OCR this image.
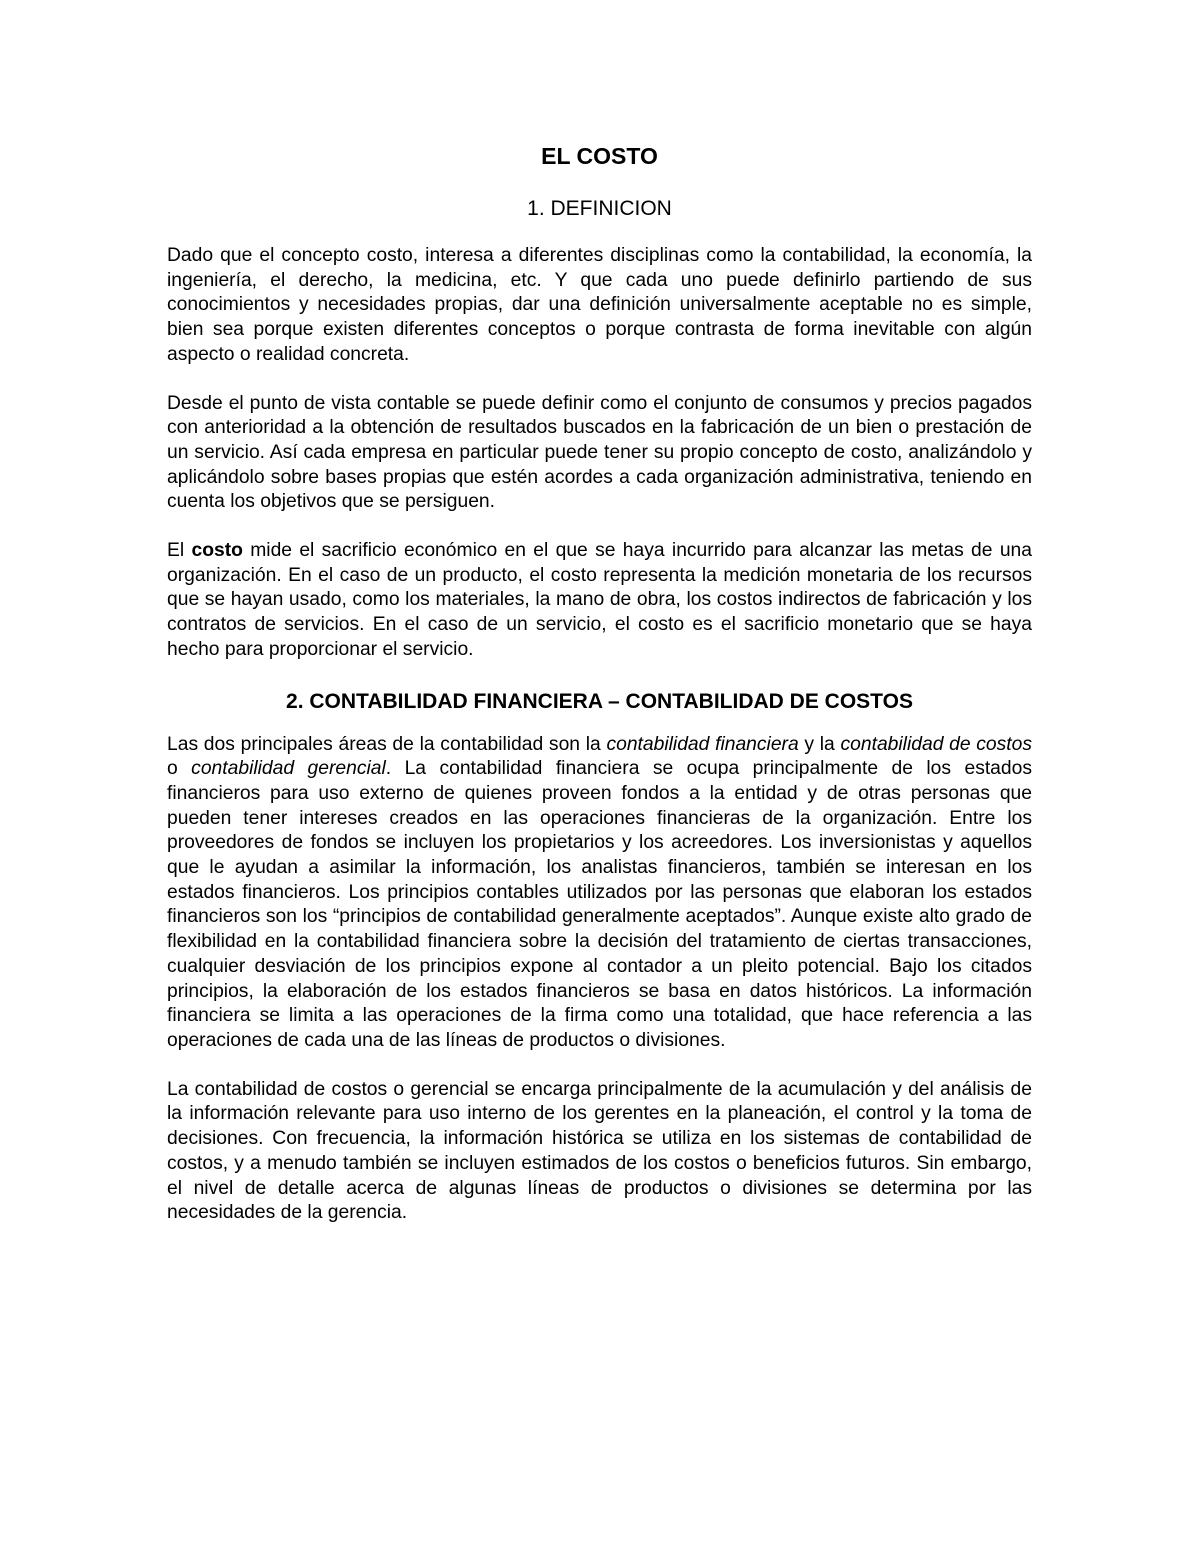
EL COSTO
1. DEFINICION

Dado que el concepto costo, interesa a diferentes disciplinas como la contabilidad, la economía, la ingeniería, el derecho, la medicina, etc. Y que cada uno puede definirlo partiendo de sus conocimientos y necesidades propias, dar una definición universalmente aceptable no es simple, bien sea porque existen diferentes conceptos o porque contrasta de forma inevitable con algún aspecto o realidad concreta.

Desde el punto de vista contable se puede definir como el conjunto de consumos y precios pagados con anterioridad a la obtención de resultados buscados en la fabricación de un bien o prestación de un servicio. Así cada empresa en particular puede tener su propio concepto de costo, analizándolo y aplicándolo sobre bases propias que estén acordes a cada organización administrativa, teniendo en cuenta los objetivos que se persiguen.

El costo mide el sacrificio económico en el que se haya incurrido para alcanzar las metas de una organización. En el caso de un producto, el costo representa la medición monetaria de los recursos que se hayan usado, como los materiales, la mano de obra, los costos indirectos de fabricación y los contratos de servicios. En el caso de un servicio, el costo es el sacrificio monetario que se haya hecho para proporcionar el servicio.

2. CONTABILIDAD FINANCIERA – CONTABILIDAD DE COSTOS

Las dos principales áreas de la contabilidad son la contabilidad financiera y la contabilidad de costos o contabilidad gerencial. La contabilidad financiera se ocupa principalmente de los estados financieros para uso externo de quienes proveen fondos a la entidad y de otras personas que pueden tener intereses creados en las operaciones financieras de la organización. Entre los proveedores de fondos se incluyen los propietarios y los acreedores. Los inversionistas y aquellos que le ayudan a asimilar la información, los analistas financieros, también se interesan en los estados financieros. Los principios contables utilizados por las personas que elaboran los estados financieros son los “principios de contabilidad generalmente aceptados”. Aunque existe alto grado de flexibilidad en la contabilidad financiera sobre la decisión del tratamiento de ciertas transacciones, cualquier desviación de los principios expone al contador a un pleito potencial. Bajo los citados principios, la elaboración de los estados financieros se basa en datos históricos. La información financiera se limita a las operaciones de la firma como una totalidad, que hace referencia a las operaciones de cada una de las líneas de productos o divisiones.

La contabilidad de costos o gerencial se encarga principalmente de la acumulación y del análisis de la información relevante para uso interno de los gerentes en la planeación, el control y la toma de decisiones. Con frecuencia, la información histórica se utiliza en los sistemas de contabilidad de costos, y a menudo también se incluyen estimados de los costos o beneficios futuros. Sin embargo, el nivel de detalle acerca de algunas líneas de productos o divisiones se determina por las necesidades de la gerencia.
